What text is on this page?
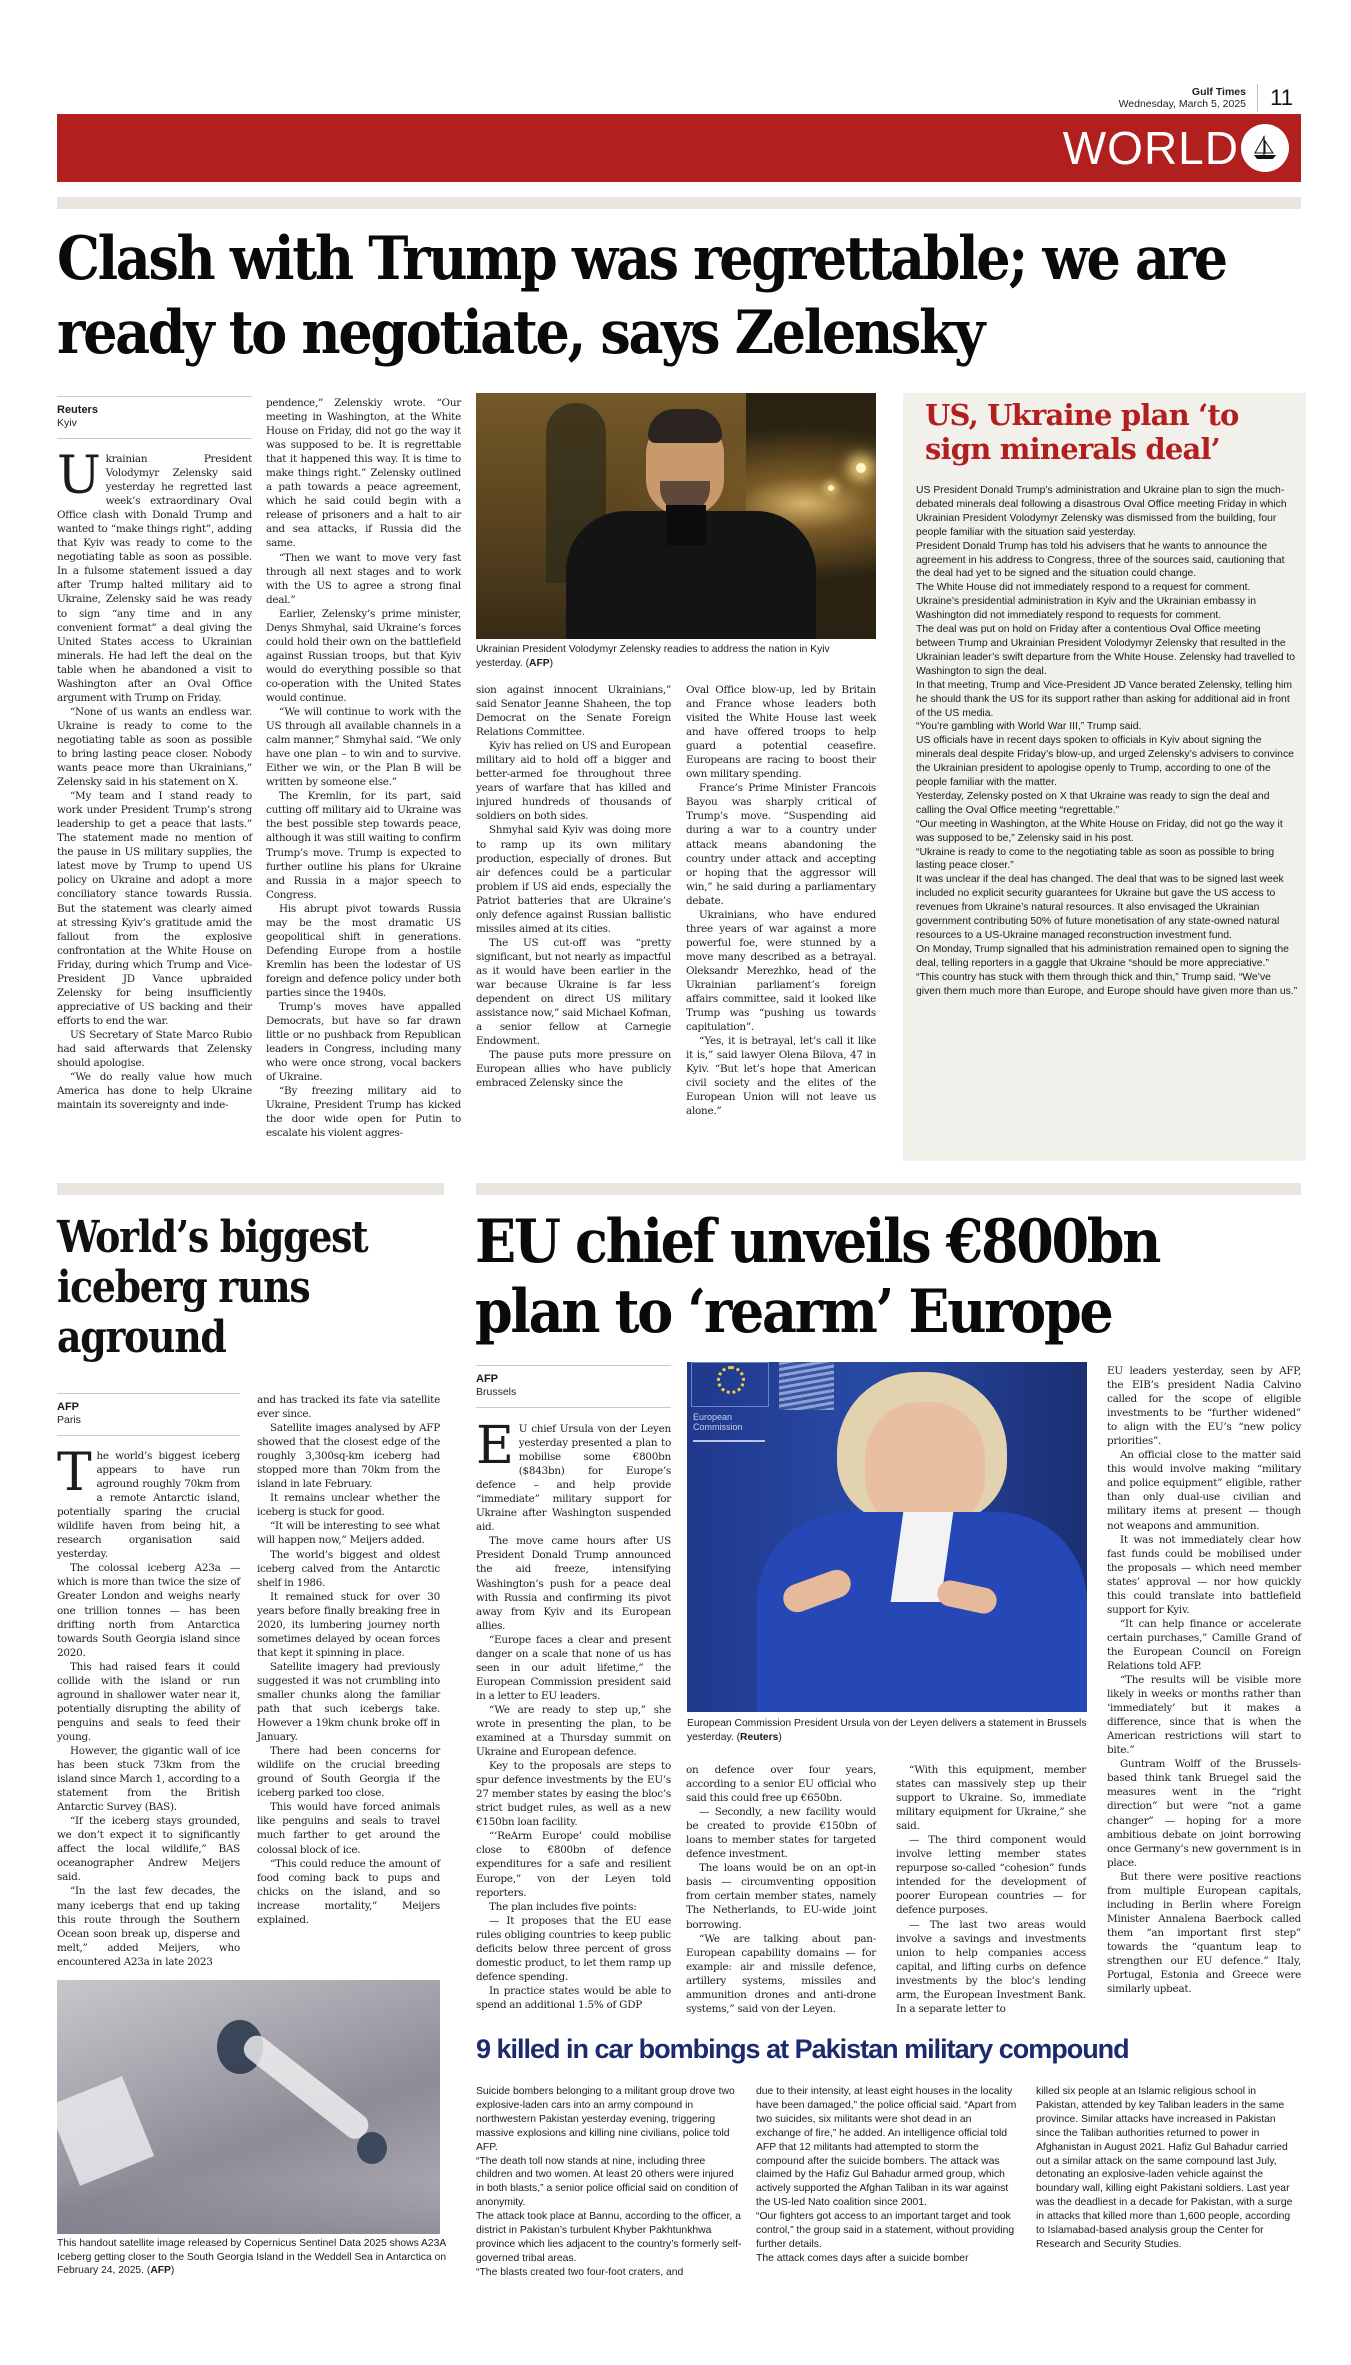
Gulf Times
Wednesday, March 5, 2025	11
WORLD
Clash with Trump was regrettable; we are ready to negotiate, says Zelensky
Reuters
Kyiv

Ukrainian President Volodymyr Zelensky said yesterday he regretted last week’s extraordinary Oval Office clash with Donald Trump and wanted to “make things right”, adding that Kyiv was ready to come to the negotiating table as soon as possible. In a fulsome statement issued a day after Trump halted military aid to Ukraine, Zelensky said he was ready to sign “any time and in any convenient format” a deal giving the United States access to Ukrainian minerals. He had left the deal on the table when he abandoned a visit to Washington after an Oval Office argument with Trump on Friday.

“None of us wants an endless war. Ukraine is ready to come to the negotiating table as soon as possible to bring lasting peace closer. Nobody wants peace more than Ukrainians,” Zelensky said in his statement on X.

“My team and I stand ready to work under President Trump’s strong leadership to get a peace that lasts.” The statement made no mention of the pause in US military supplies, the latest move by Trump to upend US policy on Ukraine and adopt a more conciliatory stance towards Russia. But the statement was clearly aimed at stressing Kyiv’s gratitude amid the fallout from the explosive confrontation at the White House on Friday, during which Trump and Vice-President JD Vance upbraided Zelensky for being insufficiently appreciative of US backing and their efforts to end the war.

US Secretary of State Marco Rubio had said afterwards that Zelensky should apologise.

“We do really value how much America has done to help Ukraine maintain its sovereignty and inde-

pendence,” Zelenskiy wrote. “Our meeting in Washington, at the White House on Friday, did not go the way it was supposed to be. It is regrettable that it happened this way. It is time to make things right.” Zelensky outlined a path towards a peace agreement, which he said could begin with a release of prisoners and a halt to air and sea attacks, if Russia did the same.

“Then we want to move very fast through all next stages and to work with the US to agree a strong final deal.”

Earlier, Zelensky’s prime minister, Denys Shmyhal, said Ukraine’s forces could hold their own on the battlefield against Russian troops, but that Kyiv would do everything possible so that co-operation with the United States would continue.

“We will continue to work with the US through all available channels in a calm manner,” Shmyhal said. “We only have one plan – to win and to survive. Either we win, or the Plan B will be written by someone else.”

The Kremlin, for its part, said cutting off military aid to Ukraine was the best possible step towards peace, although it was still waiting to confirm Trump’s move. Trump is expected to further outline his plans for Ukraine and Russia in a major speech to Congress.

His abrupt pivot towards Russia may be the most dramatic US geopolitical shift in generations. Defending Europe from a hostile Kremlin has been the lodestar of US foreign and defence policy under both parties since the 1940s.

Trump’s moves have appalled Democrats, but have so far drawn little or no pushback from Republican leaders in Congress, including many who were once strong, vocal backers of Ukraine.

“By freezing military aid to Ukraine, President Trump has kicked the door wide open for Putin to escalate his violent aggres-

Ukrainian President Volodymyr Zelensky readies to address the nation in Kyiv yesterday. (AFP)

sion against innocent Ukrainians,” said Senator Jeanne Shaheen, the top Democrat on the Senate Foreign Relations Committee.

Kyiv has relied on US and European military aid to hold off a bigger and better-armed foe throughout three years of warfare that has killed and injured hundreds of thousands of soldiers on both sides.

Shmyhal said Kyiv was doing more to ramp up its own military production, especially of drones. But air defences could be a particular problem if US aid ends, especially the Patriot batteries that are Ukraine’s only defence against Russian ballistic missiles aimed at its cities.

The US cut-off was “pretty significant, but not nearly as impactful as it would have been earlier in the war because Ukraine is far less dependent on direct US military assistance now,” said Michael Kofman, a senior fellow at Carnegie Endowment.

The pause puts more pressure on European allies who have publicly embraced Zelensky since the

Oval Office blow-up, led by Britain and France whose leaders both visited the White House last week and have offered troops to help guard a potential ceasefire. Europeans are racing to boost their own military spending.

France’s Prime Minister Francois Bayou was sharply critical of Trump’s move. “Suspending aid during a war to a country under attack means abandoning the country under attack and accepting or hoping that the aggressor will win,” he said during a parliamentary debate.

Ukrainians, who have endured three years of war against a more powerful foe, were stunned by a move many described as a betrayal. Oleksandr Merezhko, head of the Ukrainian parliament’s foreign affairs committee, said it looked like Trump was “pushing us towards capitulation”.

“Yes, it is betrayal, let’s call it like it is,” said lawyer Olena Bilova, 47 in Kyiv. “But let’s hope that American civil society and the elites of the European Union will not leave us alone.”

US, Ukraine plan ‘to sign minerals deal’

US President Donald Trump’s administration and Ukraine plan to sign the much-debated minerals deal following a disastrous Oval Office meeting Friday in which Ukrainian President Volodymyr Zelensky was dismissed from the building, four people familiar with the situation said yesterday.

President Donald Trump has told his advisers that he wants to announce the agreement in his address to Congress, three of the sources said, cautioning that the deal had yet to be signed and the situation could change.

The White House did not immediately respond to a request for comment.

Ukraine’s presidential administration in Kyiv and the Ukrainian embassy in Washington did not immediately respond to requests for comment.

The deal was put on hold on Friday after a contentious Oval Office meeting between Trump and Ukrainian President Volodymyr Zelensky that resulted in the Ukrainian leader’s swift departure from the White House. Zelensky had travelled to Washington to sign the deal.

In that meeting, Trump and Vice-President JD Vance berated Zelensky, telling him he should thank the US for its support rather than asking for additional aid in front of the US media.

“You’re gambling with World War III,” Trump said.

US officials have in recent days spoken to officials in Kyiv about signing the minerals deal despite Friday’s blow-up, and urged Zelensky’s advisers to convince the Ukrainian president to apologise openly to Trump, according to one of the people familiar with the matter.

Yesterday, Zelensky posted on X that Ukraine was ready to sign the deal and calling the Oval Office meeting “regrettable.”

“Our meeting in Washington, at the White House on Friday, did not go the way it was supposed to be,” Zelensky said in his post.

“Ukraine is ready to come to the negotiating table as soon as possible to bring lasting peace closer.”

It was unclear if the deal has changed. The deal that was to be signed last week included no explicit security guarantees for Ukraine but gave the US access to revenues from Ukraine’s natural resources. It also envisaged the Ukrainian government contributing 50% of future monetisation of any state-owned natural resources to a US-Ukraine managed reconstruction investment fund.

On Monday, Trump signalled that his administration remained open to signing the deal, telling reporters in a gaggle that Ukraine “should be more appreciative.”

“This country has stuck with them through thick and thin,” Trump said. “We’ve given them much more than Europe, and Europe should have given more than us.”

World’s biggest iceberg runs aground
AFP
Paris

The world’s biggest iceberg appears to have run aground roughly 70km from a remote Antarctic island, potentially sparing the crucial wildlife haven from being hit, a research organisation said yesterday.

The colossal iceberg A23a — which is more than twice the size of Greater London and weighs nearly one trillion tonnes — has been drifting north from Antarctica towards South Georgia island since 2020.

This had raised fears it could collide with the island or run aground in shallower water near it, potentially disrupting the ability of penguins and seals to feed their young.

However, the gigantic wall of ice has been stuck 73km from the island since March 1, according to a statement from the British Antarctic Survey (BAS).

“If the iceberg stays grounded, we don’t expect it to significantly affect the local wildlife,” BAS oceanographer Andrew Meijers said.

“In the last few decades, the many icebergs that end up taking this route through the Southern Ocean soon break up, disperse and melt,” added Meijers, who encountered A23a in late 2023

and has tracked its fate via satellite ever since.

Satellite images analysed by AFP showed that the closest edge of the roughly 3,300sq-km iceberg had stopped more than 70km from the island in late February.

It remains unclear whether the iceberg is stuck for good.

“It will be interesting to see what will happen now,” Meijers added.

The world’s biggest and oldest iceberg calved from the Antarctic shelf in 1986.

It remained stuck for over 30 years before finally breaking free in 2020, its lumbering journey north sometimes delayed by ocean forces that kept it spinning in place.

Satellite imagery had previously suggested it was not crumbling into smaller chunks along the familiar path that such icebergs take. However a 19km chunk broke off in January.

There had been concerns for wildlife on the crucial breeding ground of South Georgia if the iceberg parked too close.

This would have forced animals like penguins and seals to travel much farther to get around the colossal block of ice.

“This could reduce the amount of food coming back to pups and chicks on the island, and so increase mortality,” Meijers explained.

This handout satellite image released by Copernicus Sentinel Data 2025 shows A23A Iceberg getting closer to the South Georgia Island in the Weddell Sea in Antarctica on February 24, 2025. (AFP)
EU chief unveils €800bn plan to ‘rearm’ Europe
AFP
Brussels

E U chief Ursula von der Leyen yesterday presented a plan to mobilise some €800bn ($843bn) for Europe’s defence – and help provide “immediate” military support for Ukraine after Washington suspended aid.

The move came hours after US President Donald Trump announced the aid freeze, intensifying Washington’s push for a peace deal with Russia and confirming its pivot away from Kyiv and its European allies.

“Europe faces a clear and present danger on a scale that none of us has seen in our adult lifetime,” the European Commission president said in a letter to EU leaders.

“We are ready to step up,” she wrote in presenting the plan, to be examined at a Thursday summit on Ukraine and European defence.

Key to the proposals are steps to spur defence investments by the EU’s 27 member states by easing the bloc’s strict budget rules, as well as a new €150bn loan facility.

“‘ReArm Europe’ could mobilise close to €800bn of defence expenditures for a safe and resilient Europe,” von der Leyen told reporters.

The plan includes five points:

— It proposes that the EU ease rules obliging countries to keep public deficits below three percent of gross domestic product, to let them ramp up defence spending.

In practice states would be able to spend an additional 1.5% of GDP

European Commission
European Commission President Ursula von der Leyen delivers a statement in Brussels yesterday. (Reuters)

on defence over four years, according to a senior EU official who said this could free up €650bn.

— Secondly, a new facility would be created to provide €150bn of loans to member states for targeted defence investment.

The loans would be on an opt-in basis — circumventing opposition from certain member states, namely The Netherlands, to EU-wide joint borrowing.

“We are talking about pan-European capability domains — for example: air and missile defence, artillery systems, missiles and ammunition drones and anti-drone systems,” said von der Leyen.

“With this equipment, member states can massively step up their support to Ukraine. So, immediate military equipment for Ukraine,” she said.

— The third component would involve letting member states repurpose so-called “cohesion” funds intended for the development of poorer European countries — for defence purposes.

— The last two areas would involve a savings and investments union to help companies access capital, and lifting curbs on defence investments by the bloc’s lending arm, the European Investment Bank. In a separate letter to

EU leaders yesterday, seen by AFP, the EIB’s president Nadia Calvino called for the scope of eligible investments to be “further widened” to align with the EU’s “new policy priorities”.

An official close to the matter said this would involve making “military and police equipment” eligible, rather than only dual-use civilian and military items at present — though not weapons and ammunition.

It was not immediately clear how fast funds could be mobilised under the proposals — which need member states’ approval — nor how quickly this could translate into battlefield support for Kyiv.

“It can help finance or accelerate certain purchases,” Camille Grand of the European Council on Foreign Relations told AFP.

“The results will be visible more likely in weeks or months rather than ‘immediately’ but it makes a difference, since that is when the American restrictions will start to bite.”

Guntram Wolff of the Brussels-based think tank Bruegel said the measures went in the “right direction” but were “not a game changer” — hoping for a more ambitious debate on joint borrowing once Germany’s new government is in place.

But there were positive reactions from multiple European capitals, including in Berlin where Foreign Minister Annalena Baerbock called them “an important first step” towards the “quantum leap to strengthen our EU defence.” Italy, Portugal, Estonia and Greece were similarly upbeat.

9 killed in car bombings at Pakistan military compound

Suicide bombers belonging to a militant group drove two explosive-laden cars into an army compound in northwestern Pakistan yesterday evening, triggering massive explosions and killing nine civilians, police told AFP.

“The death toll now stands at nine, including three children and two women. At least 20 others were injured in both blasts,” a senior police official said on condition of anonymity.

The attack took place at Bannu, according to the officer, a district in Pakistan’s turbulent Khyber Pakhtunkhwa province which lies adjacent to the country’s formerly self-governed tribal areas.

“The blasts created two four-foot craters, and

due to their intensity, at least eight houses in the locality have been damaged,” the police official said. “Apart from two suicides, six militants were shot dead in an exchange of fire,” he added. An intelligence official told AFP that 12 militants had attempted to storm the compound after the suicide bombers. The attack was claimed by the Hafiz Gul Bahadur armed group, which actively supported the Afghan Taliban in its war against the US-led Nato coalition since 2001.

“Our fighters got access to an important target and took control,” the group said in a statement, without providing further details.

The attack comes days after a suicide bomber

killed six people at an Islamic religious school in Pakistan, attended by key Taliban leaders in the same province. Similar attacks have increased in Pakistan since the Taliban authorities returned to power in Afghanistan in August 2021. Hafiz Gul Bahadur carried out a similar attack on the same compound last July, detonating an explosive-laden vehicle against the boundary wall, killing eight Pakistani soldiers. Last year was the deadliest in a decade for Pakistan, with a surge in attacks that killed more than 1,600 people, according to Islamabad-based analysis group the Center for Research and Security Studies.
